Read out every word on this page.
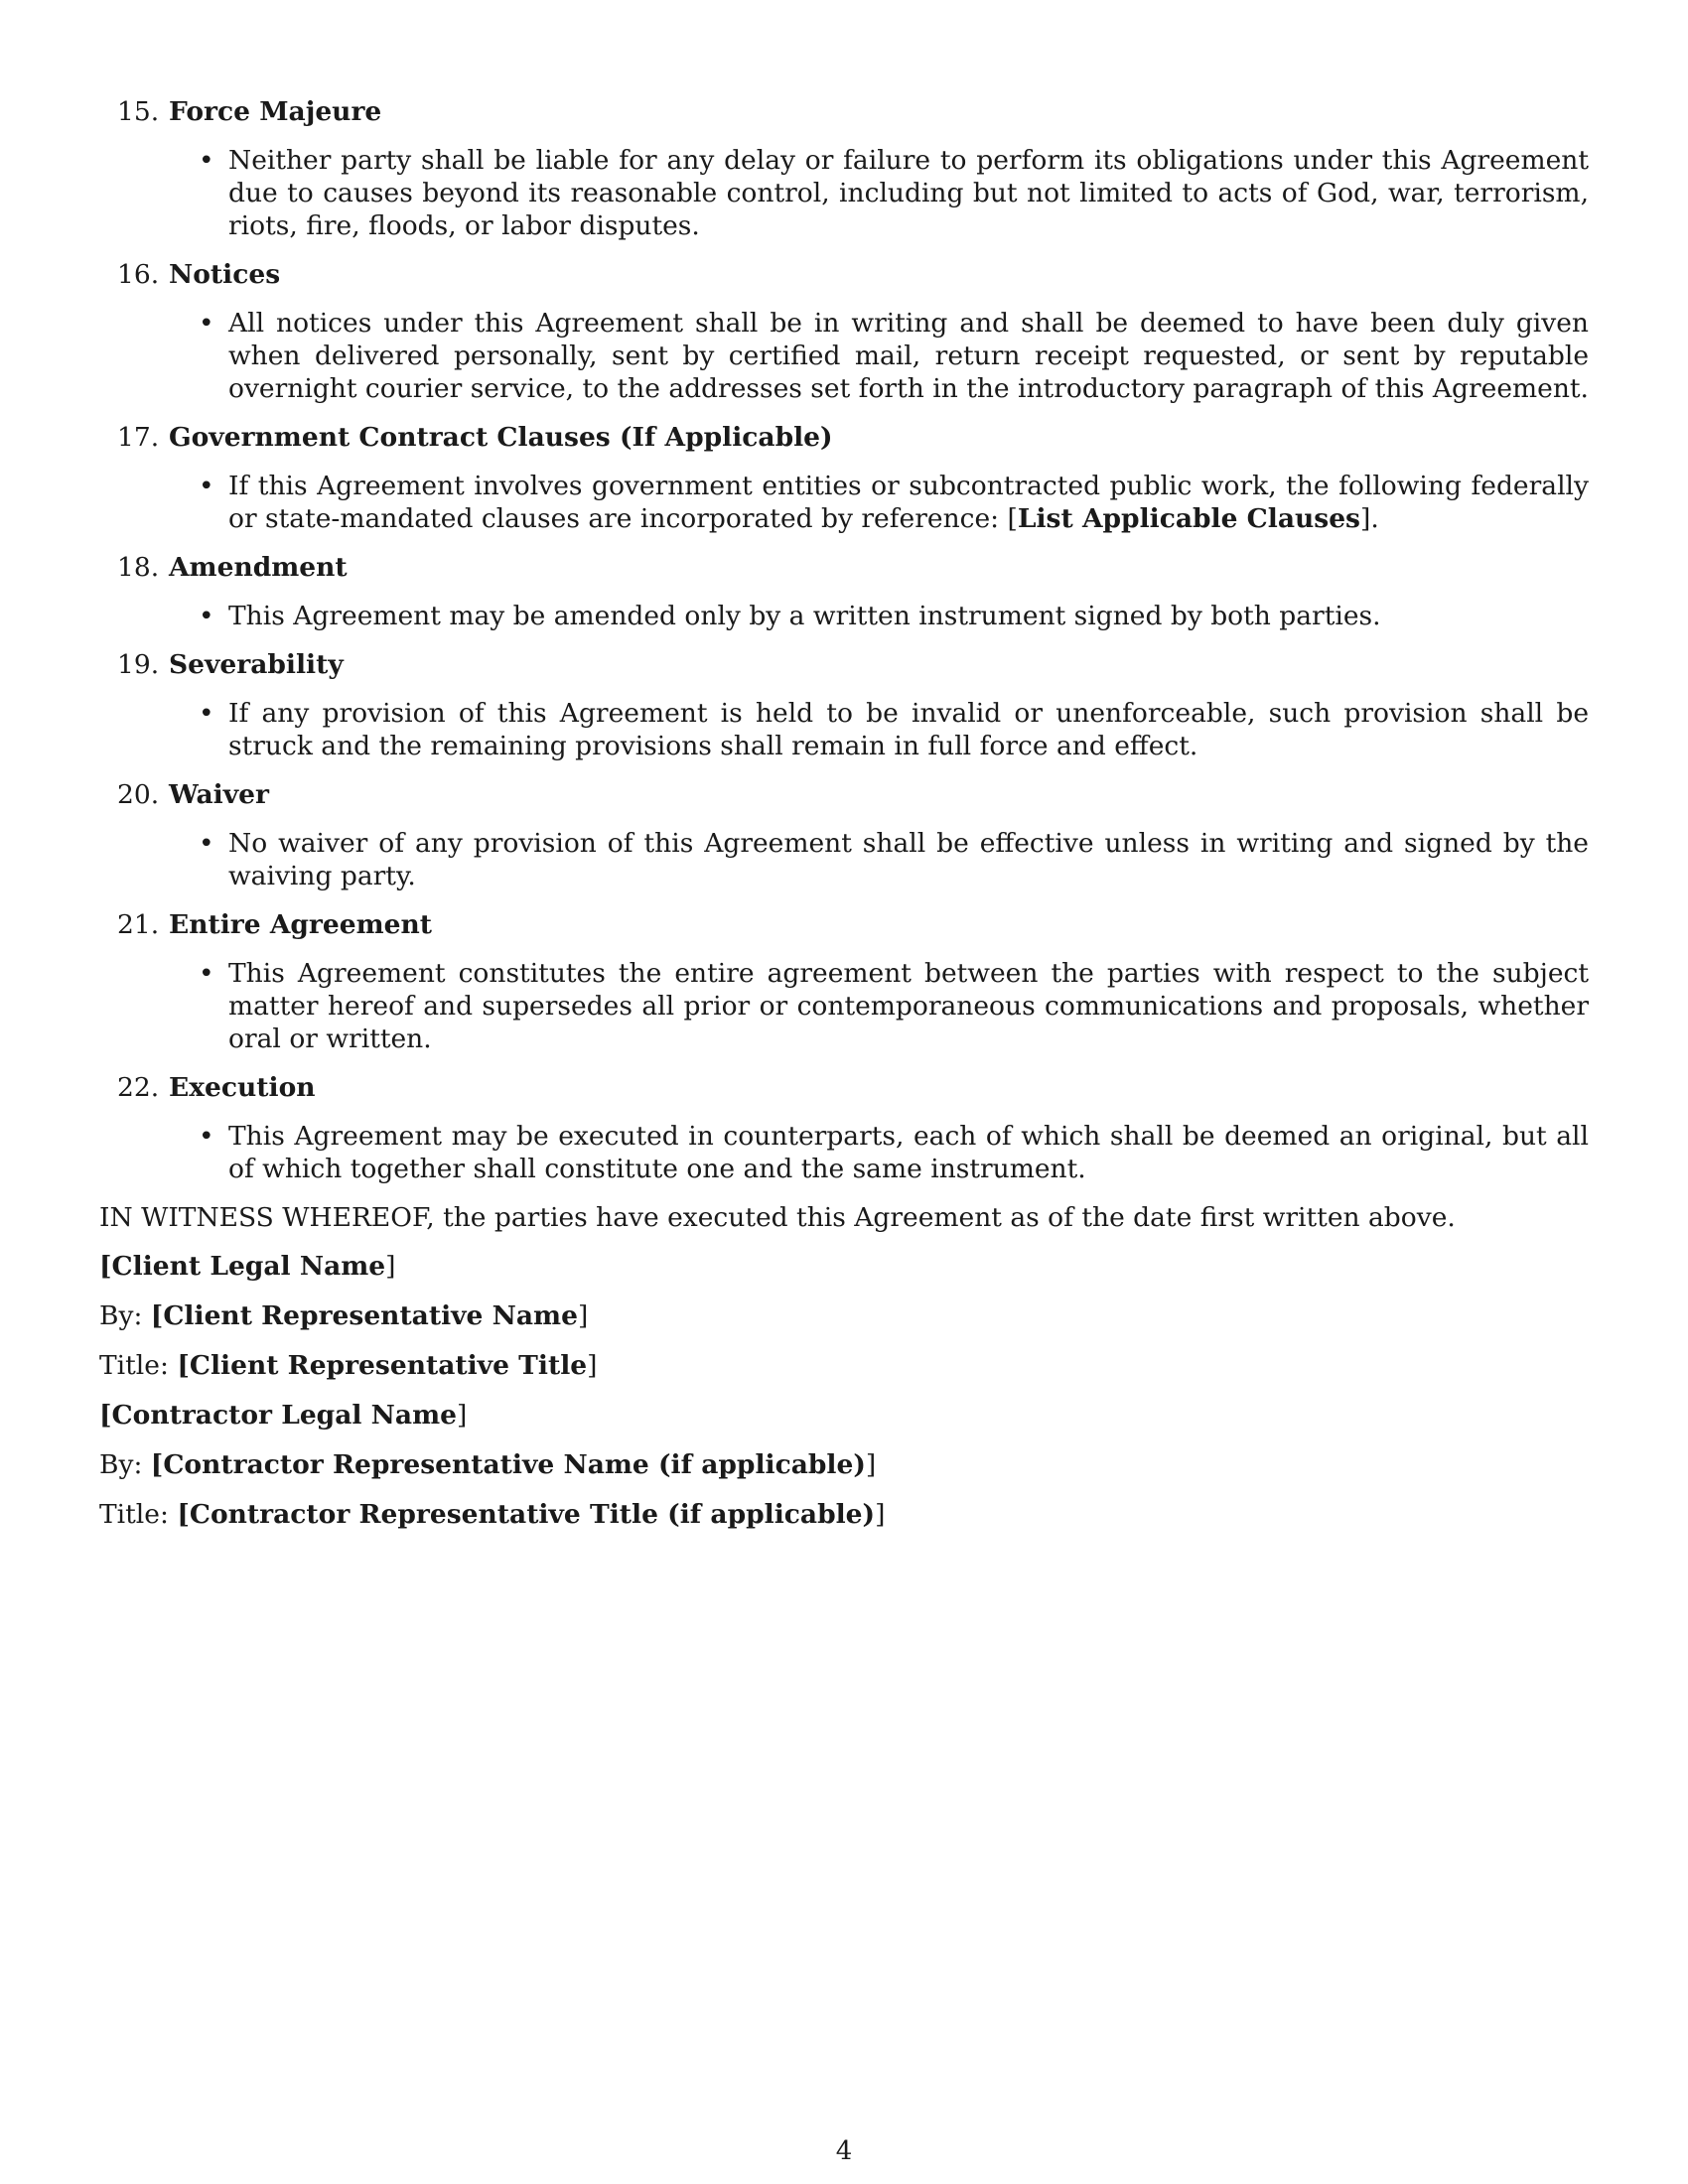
15. Force Majeure

• Neither party shall be liable for any delay or failure to perform its obligations under this Agreement due to causes beyond its reasonable control, including but not limited to acts of God, war, terrorism, riots, fire, floods, or labor disputes.

16. Notices

• All notices under this Agreement shall be in writing and shall be deemed to have been duly given when delivered personally, sent by certified mail, return receipt requested, or sent by reputable overnight courier service, to the addresses set forth in the introductory paragraph of this Agreement.

17. Government Contract Clauses (If Applicable)

• If this Agreement involves government entities or subcontracted public work, the following federally or state-mandated clauses are incorporated by reference: [List Applicable Clauses].

18. Amendment

• This Agreement may be amended only by a written instrument signed by both parties.

19. Severability

• If any provision of this Agreement is held to be invalid or unenforceable, such provision shall be struck and the remaining provisions shall remain in full force and effect.

20. Waiver

• No waiver of any provision of this Agreement shall be effective unless in writing and signed by the waiving party.

21. Entire Agreement

• This Agreement constitutes the entire agreement between the parties with respect to the subject matter hereof and supersedes all prior or contemporaneous communications and proposals, whether oral or written.

22. Execution

• This Agreement may be executed in counterparts, each of which shall be deemed an original, but all of which together shall constitute one and the same instrument.

IN WITNESS WHEREOF, the parties have executed this Agreement as of the date first written above.

[Client Legal Name]

By: [Client Representative Name]

Title: [Client Representative Title]

[Contractor Legal Name]

By: [Contractor Representative Name (if applicable)]

Title: [Contractor Representative Title (if applicable)]

4
